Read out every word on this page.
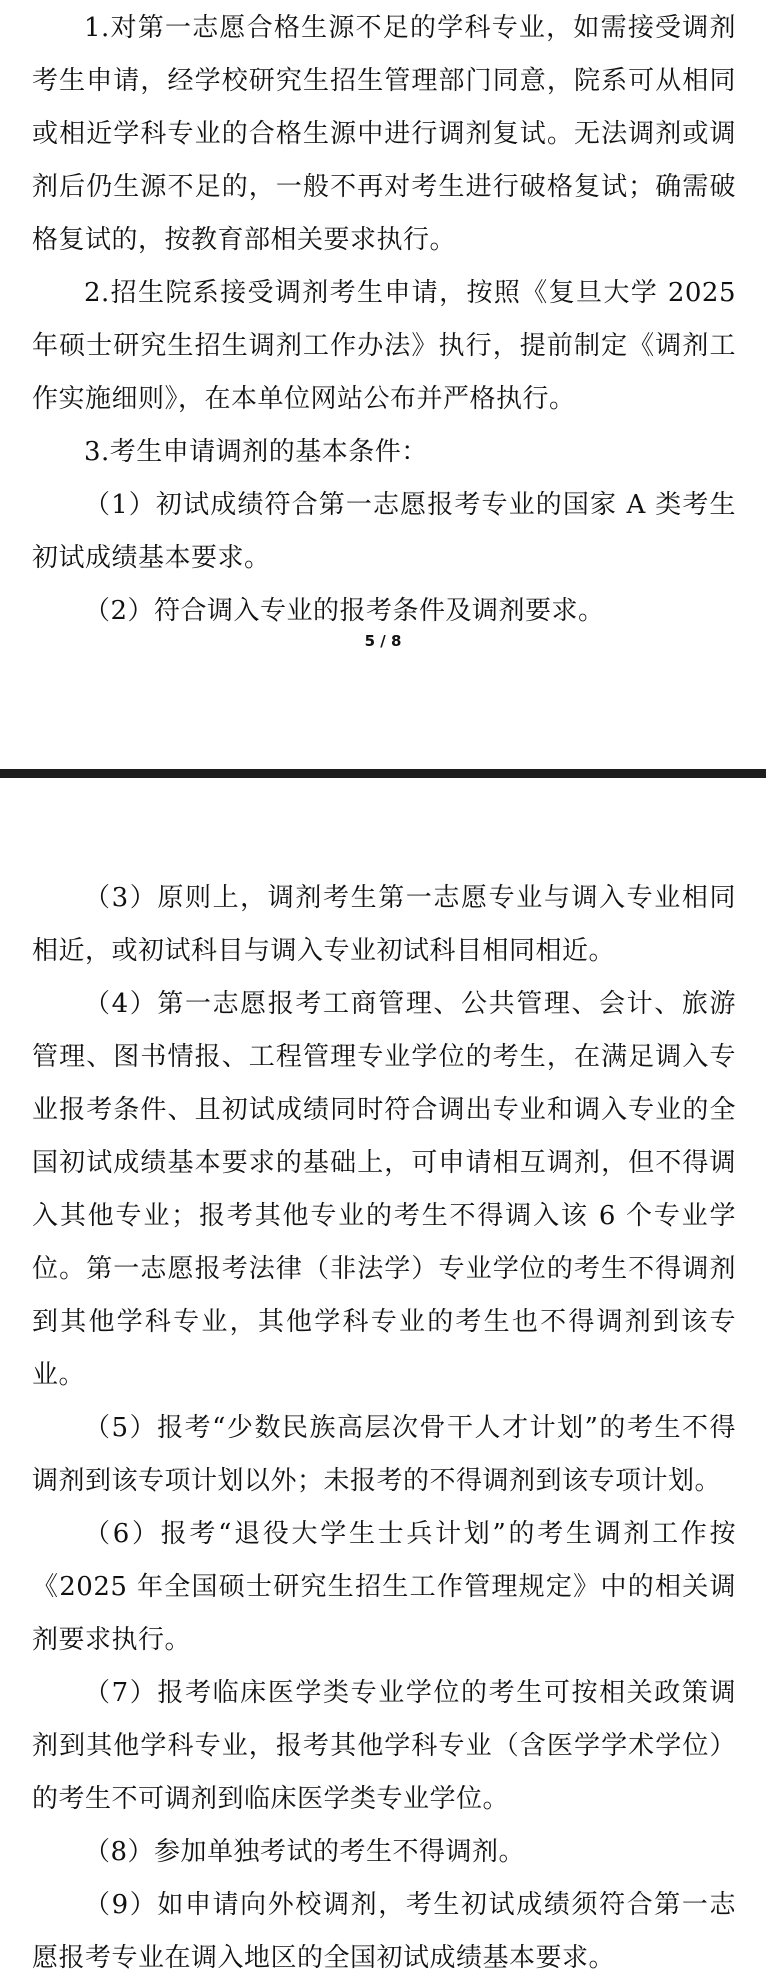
1.对第一志愿合格生源不足的学科专业，如需接受调剂考生申请，经学校研究生招生管理部门同意，院系可从相同或相近学科专业的合格生源中进行调剂复试。无法调剂或调剂后仍生源不足的，一般不再对考生进行破格复试；确需破格复试的，按教育部相关要求执行。

2.招生院系接受调剂考生申请，按照《复旦大学 2025 年硕士研究生招生调剂工作办法》执行，提前制定《调剂工作实施细则》，在本单位网站公布并严格执行。

3.考生申请调剂的基本条件：

（1）初试成绩符合第一志愿报考专业的国家 A 类考生初试成绩基本要求。

（2）符合调入专业的报考条件及调剂要求。

5 / 8

（3）原则上，调剂考生第一志愿专业与调入专业相同相近，或初试科目与调入专业初试科目相同相近。

（4）第一志愿报考工商管理、公共管理、会计、旅游管理、图书情报、工程管理专业学位的考生，在满足调入专业报考条件、且初试成绩同时符合调出专业和调入专业的全国初试成绩基本要求的基础上，可申请相互调剂，但不得调入其他专业；报考其他专业的考生不得调入该 6 个专业学位。第一志愿报考法律（非法学）专业学位的考生不得调剂到其他学科专业，其他学科专业的考生也不得调剂到该专业。

（5）报考“少数民族高层次骨干人才计划”的考生不得调剂到该专项计划以外；未报考的不得调剂到该专项计划。

（6）报考“退役大学生士兵计划”的考生调剂工作按《2025 年全国硕士研究生招生工作管理规定》中的相关调剂要求执行。

（7）报考临床医学类专业学位的考生可按相关政策调剂到其他学科专业，报考其他学科专业（含医学学术学位）的考生不可调剂到临床医学类专业学位。

（8）参加单独考试的考生不得调剂。

（9）如申请向外校调剂，考生初试成绩须符合第一志愿报考专业在调入地区的全国初试成绩基本要求。
